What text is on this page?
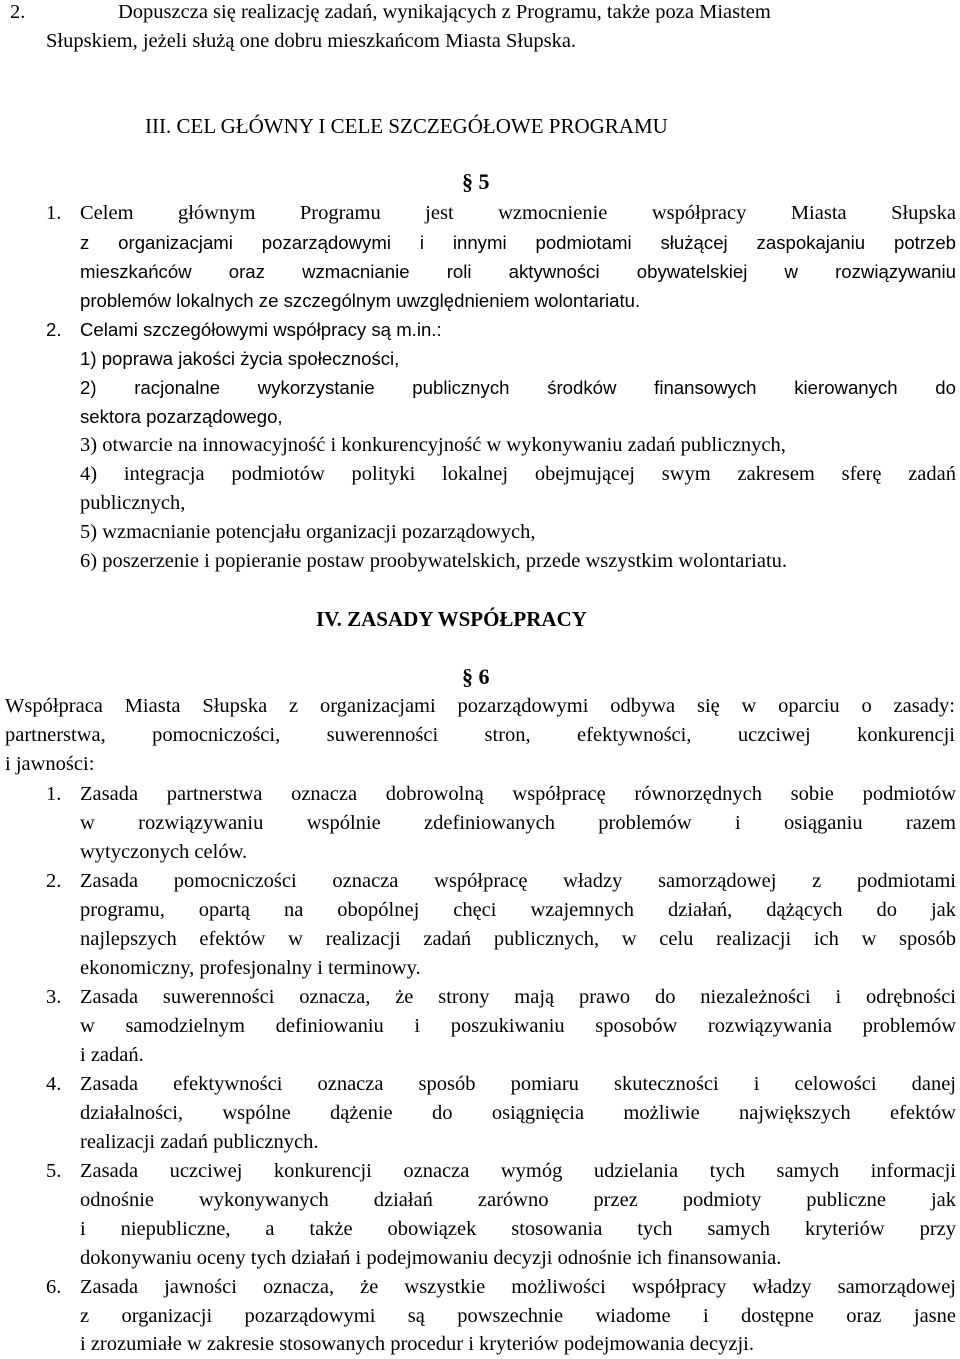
2.	Dopuszcza się realizację zadań, wynikających z Programu, także poza Miastem
Słupskiem, jeżeli służą one dobru mieszkańcom Miasta Słupska.
III. CEL GŁÓWNY I CELE SZCZEGÓŁOWE PROGRAMU
§ 5
1. Celem głównym Programu jest wzmocnienie współpracy Miasta Słupska
z organizacjami pozarządowymi i innymi podmiotami służącej zaspokajaniu potrzeb
mieszkańców oraz wzmacnianie roli aktywności obywatelskiej w rozwiązywaniu
problemów lokalnych ze szczególnym uwzględnieniem wolontariatu.
2. Celami szczegółowymi współpracy są m.in.:
1) poprawa jakości życia społeczności,
2) racjonalne wykorzystanie publicznych środków finansowych kierowanych do
sektora pozarządowego,
3) otwarcie na innowacyjność i konkurencyjność w wykonywaniu zadań publicznych,
4) integracja podmiotów polityki lokalnej obejmującej swym zakresem sferę zadań
publicznych,
5) wzmacnianie potencjału organizacji pozarządowych,
6) poszerzenie i popieranie postaw proobywatelskich, przede wszystkim wolontariatu.
IV. ZASADY WSPÓŁPRACY
§ 6
Współpraca Miasta Słupska z organizacjami pozarządowymi odbywa się w oparciu o zasady:
partnerstwa, pomocniczości, suwerenności stron, efektywności, uczciwej konkurencji
i jawności:
1. Zasada partnerstwa oznacza dobrowolną współpracę równorzędnych sobie podmiotów
w rozwiązywaniu wspólnie zdefiniowanych problemów i osiąganiu razem
wytyczonych celów.
2. Zasada pomocniczości oznacza współpracę władzy samorządowej z podmiotami
programu, opartą na obopólnej chęci wzajemnych działań, dążących do jak
najlepszych efektów w realizacji zadań publicznych, w celu realizacji ich w sposób
ekonomiczny, profesjonalny i terminowy.
3. Zasada suwerenności oznacza, że strony mają prawo do niezależności i odrębności
w samodzielnym definiowaniu i poszukiwaniu sposobów rozwiązywania problemów
i zadań.
4. Zasada efektywności oznacza sposób pomiaru skuteczności i celowości danej
działalności, wspólne dążenie do osiągnięcia możliwie największych efektów
realizacji zadań publicznych.
5. Zasada uczciwej konkurencji oznacza wymóg udzielania tych samych informacji
odnośnie wykonywanych działań zarówno przez podmioty publiczne jak
i niepubliczne, a także obowiązek stosowania tych samych kryteriów przy
dokonywaniu oceny tych działań i podejmowaniu decyzji odnośnie ich finansowania.
6. Zasada jawności oznacza, że wszystkie możliwości współpracy władzy samorządowej
z organizacji pozarządowymi są powszechnie wiadome i dostępne oraz jasne
i zrozumiałe w zakresie stosowanych procedur i kryteriów podejmowania decyzji.
